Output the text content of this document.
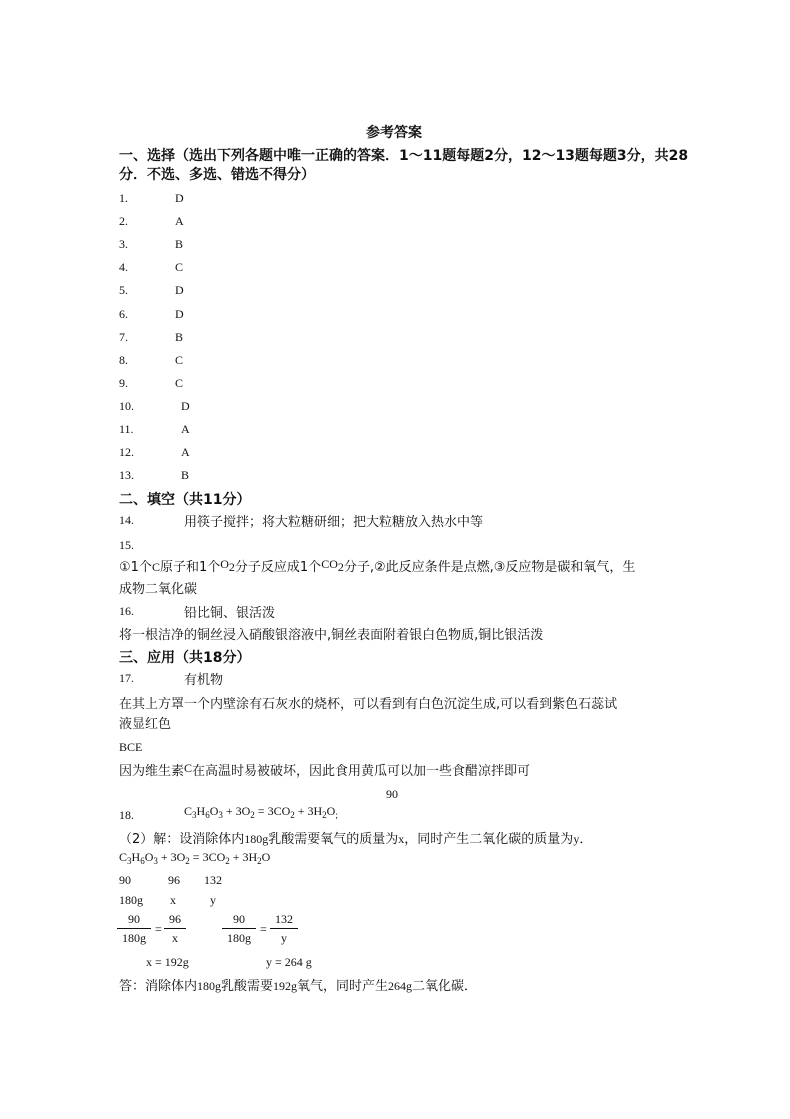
参考答案
一、选择（选出下列各题中唯一正确的答案．1～11题每题2分，12～13题每题3分，共28
分．不选、多选、错选不得分）
1.	D
2.	A
3.	B
4.	C
5.	D
6.	D
7.	B
8.	C
9.	C
10.	D
11.	A
12.	A
13.	B
二、填空（共11分）
14.	用筷子搅拌；将大粒糖研细；把大粒糖放入热水中等
15.
①1个C原子和1个O2分子反应成1个CO2分子,②此反应条件是点燃,③反应物是碳和氧气，生
成物二氧化碳
16.	铅比铜、银活泼
将一根洁净的铜丝浸入硝酸银溶液中,铜丝表面附着银白色物质,铜比银活泼
三、应用（共18分）
17.	有机物
在其上方罩一个内壁涂有石灰水的烧杯，可以看到有白色沉淀生成,可以看到紫色石蕊试
液显红色
BCE
因为维生素C在高温时易被破坏，因此食用黄瓜可以加一些食醋凉拌即可
90
18.	$C_3H_6O_3 + 3O_2 = 3CO_2 + 3H_2O_;$
（2）解：设消除体内180g乳酸需要氧气的质量为x，同时产生二氧化碳的质量为y．
$C_3H_6O_3 + 3O_2 = 3CO_2 + 3H_2O$
90	96 132
180g x	y
$\frac{90}{180g} = \frac{96}{x}$	$\frac{90}{180g} = \frac{132}{y}$
x = 192g	y = 264 g
答：消除体内180g乳酸需要192g氧气，同时产生264g二氧化碳．
